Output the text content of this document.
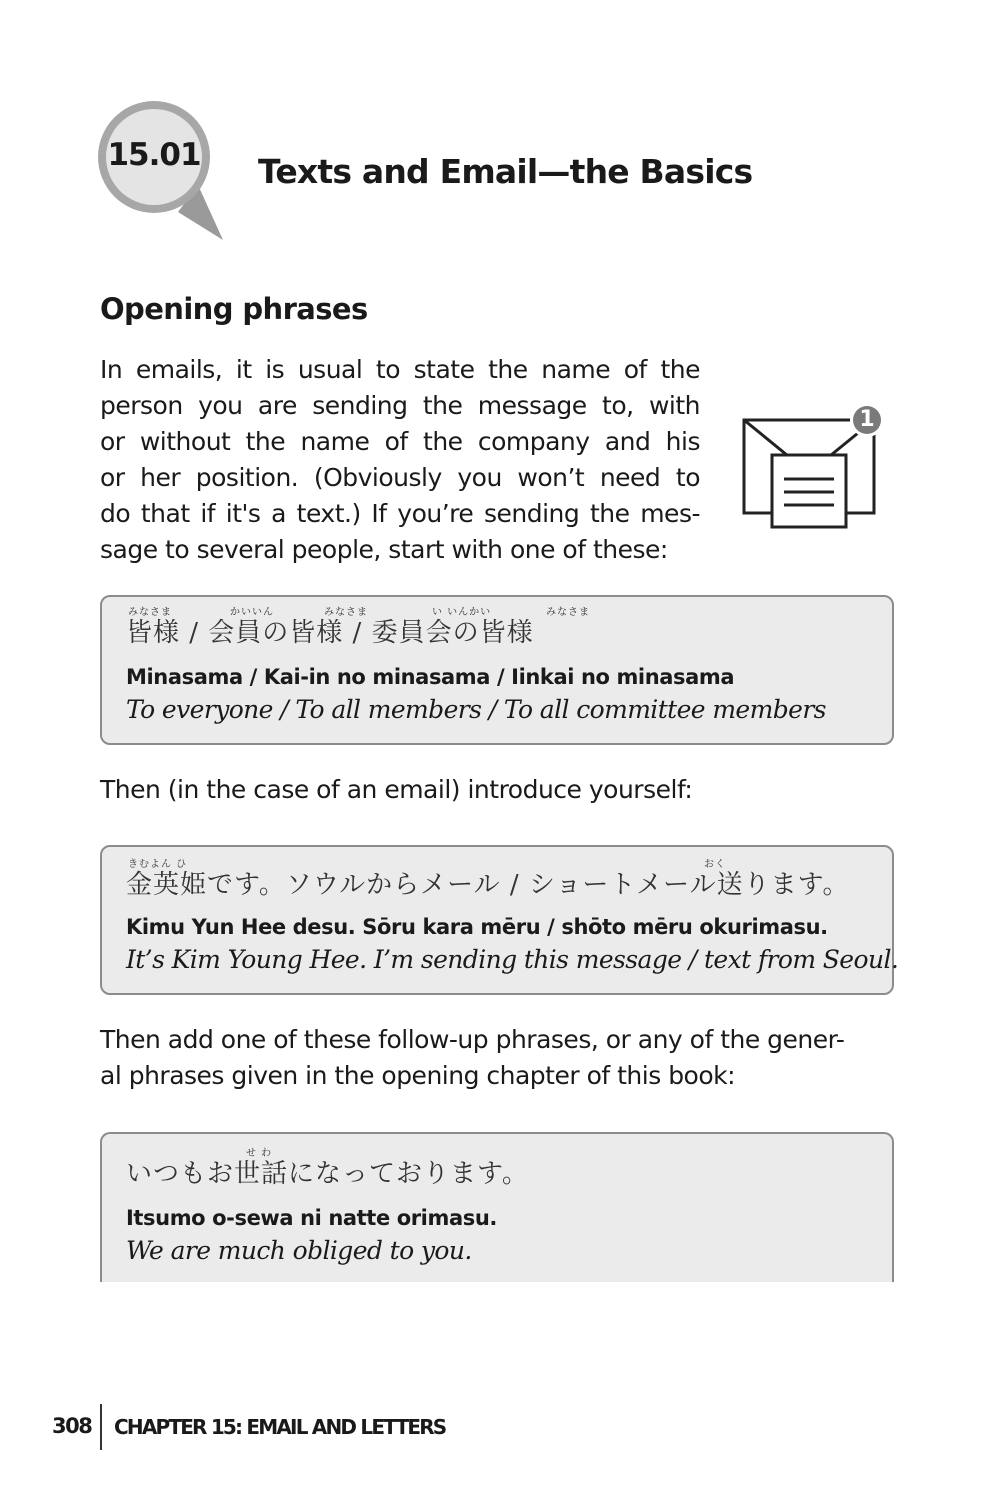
15.01 Texts and Email—the Basics
Opening phrases

In emails, it is usual to state the name of the
person you are sending the message to, with
or without the name of the company and his
or her position. (Obviously you won’t need to
do that if it's a text.) If you’re sending the mes-
sage to several people, start with one of these:

1
みなさま	かいいん	みなさま	い いんかい	みなさま
皆様 / 会員の皆様 / 委員会の皆様
Minasama / Kai-in no minasama / Iinkai no minasama
To everyone / To all members / To all committee members

Then (in the case of an email) introduce yourself:

きむよん ひ	おく
金英姫です。ソウルからメール / ショートメール送ります。
Kimu Yun Hee desu. Sōru kara mēru / shōto mēru okurimasu.
It’s Kim Young Hee. I’m sending this message / text from Seoul.

Then add one of these follow-up phrases, or any of the gener-
al phrases given in the opening chapter of this book:

せ わ
いつもお世話になっております。
Itsumo o-sewa ni natte orimasu.
We are much obliged to you.
308 CHAPTER 15: EMAIL AND LETTERS
